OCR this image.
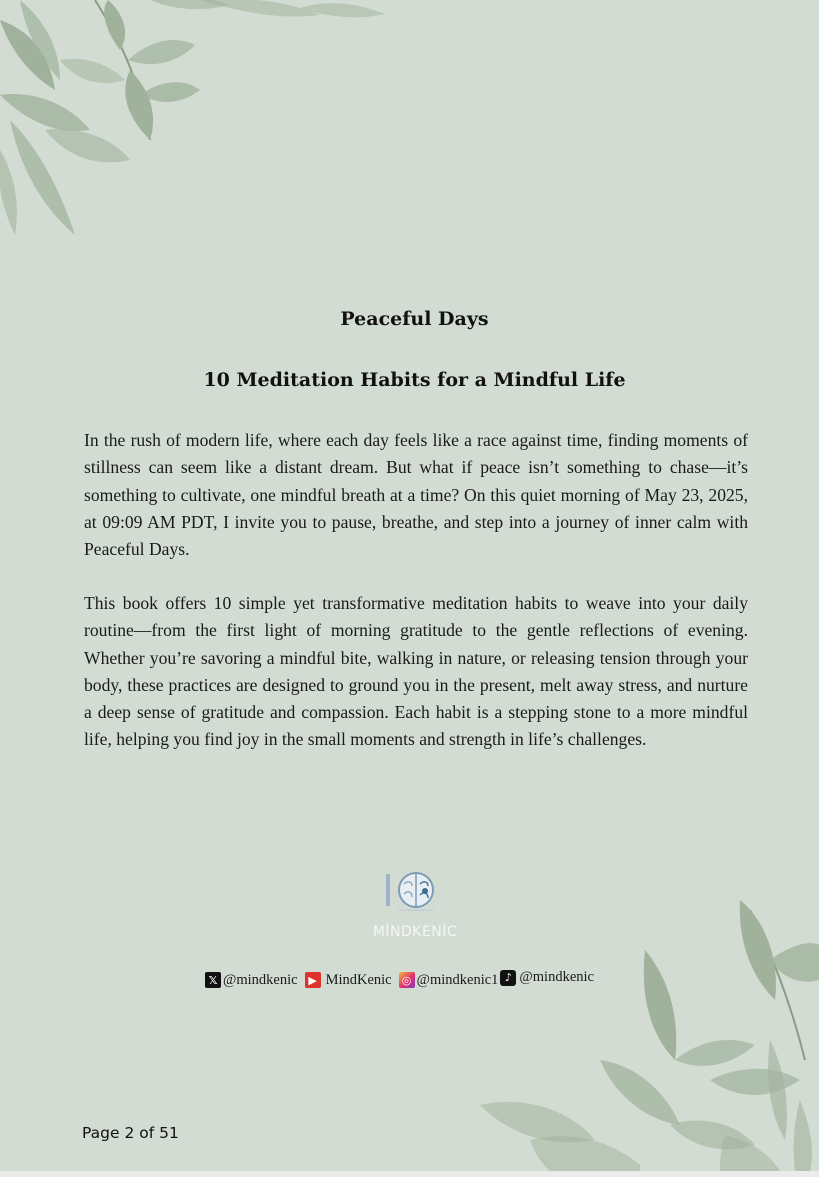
Peaceful Days
10 Meditation Habits for a Mindful Life

In the rush of modern life, where each day feels like a race against time, finding moments of stillness can seem like a distant dream. But what if peace isn’t something to chase—it’s something to cultivate, one mindful breath at a time? On this quiet morning of May 23, 2025, at 09:09 AM PDT, I invite you to pause, breathe, and step into a journey of inner calm with Peaceful Days.

This book offers 10 simple yet transformative meditation habits to weave into your daily routine—from the first light of morning gratitude to the gentle reflections of evening. Whether you’re savoring a mindful bite, walking in nature, or releasing tension through your body, these practices are designed to ground you in the present, melt away stress, and nurture a deep sense of gratitude and compassion. Each habit is a stepping stone to a more mindful life, helping you find joy in the small moments and strength in life’s challenges.

MİNDKENİC
𝕏 @mindkenic ▶ MindKenic ◎ @mindkenic1 ♪ @mindkenic
Page 2 of 51
